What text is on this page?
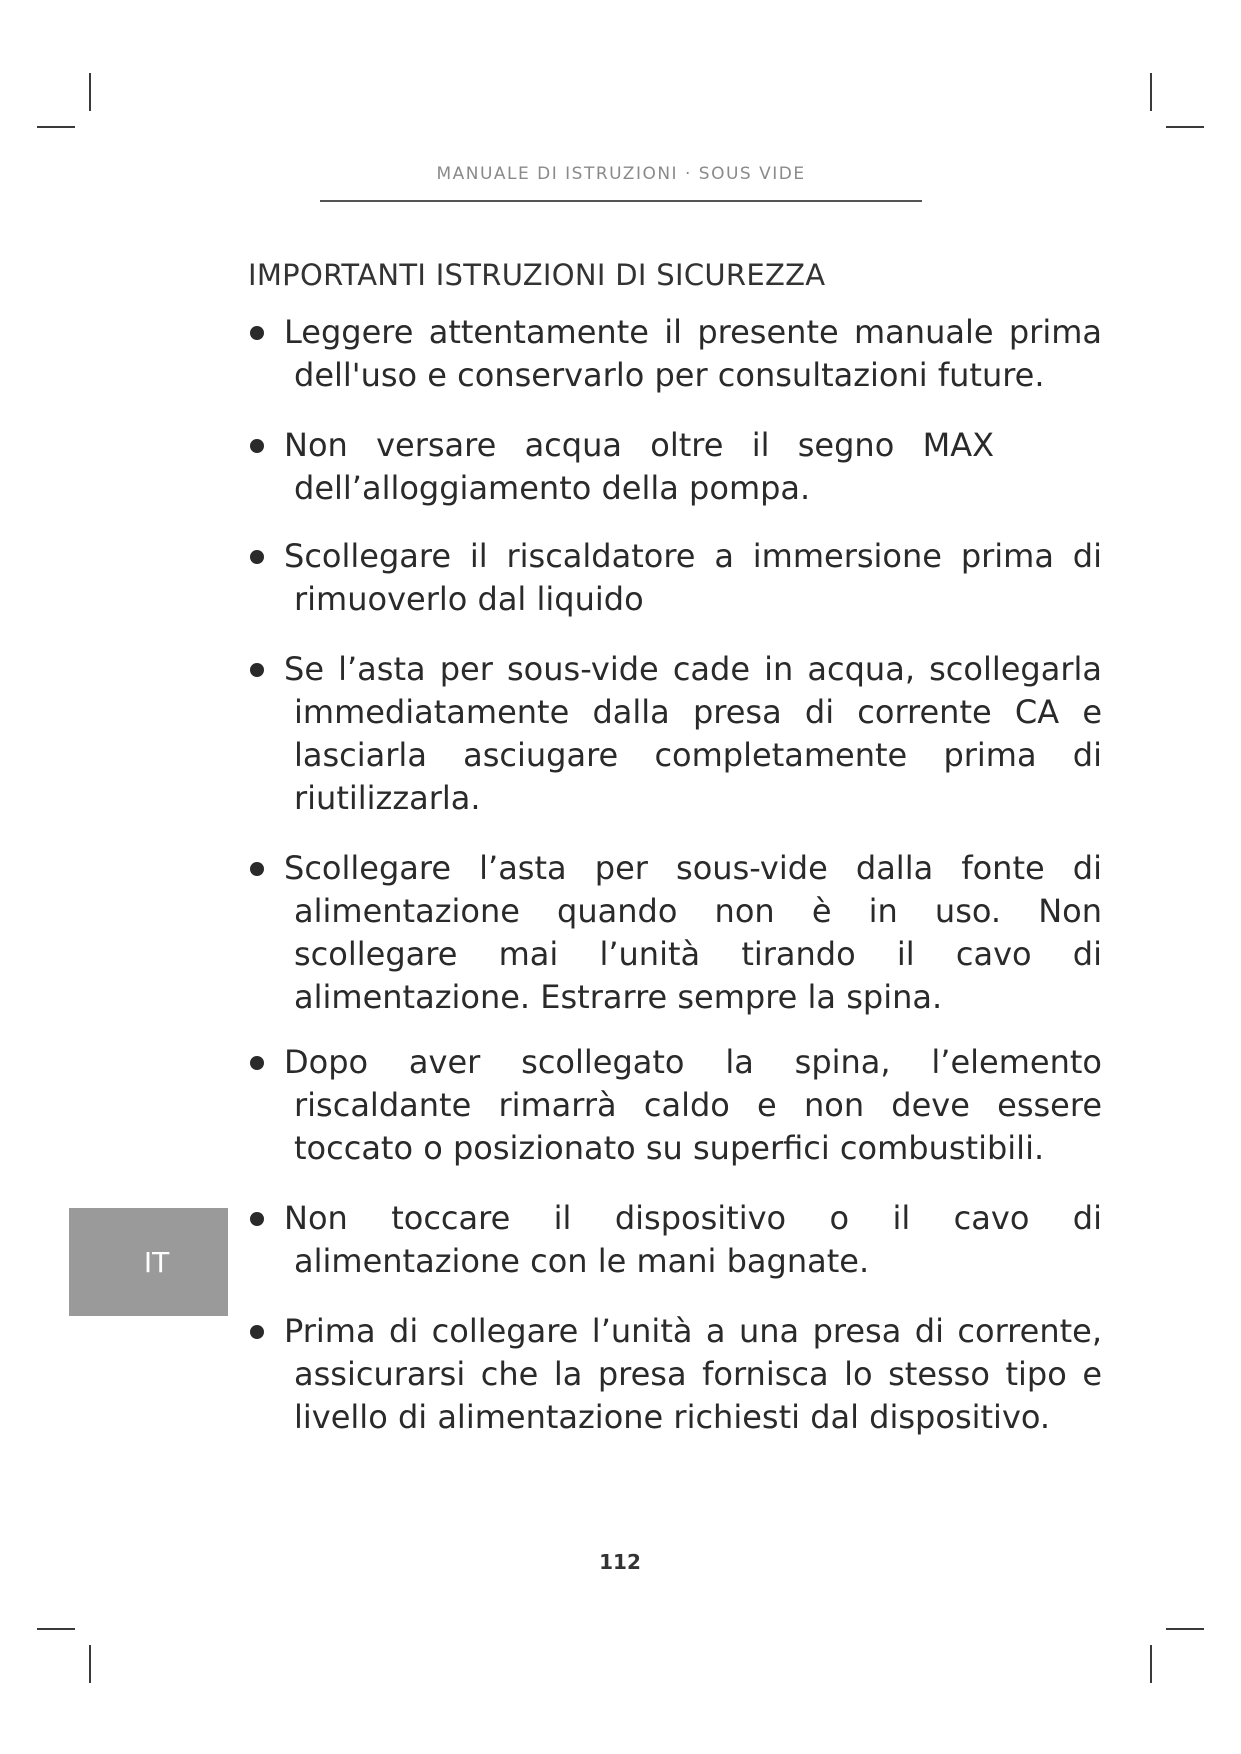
MANUALE DI ISTRUZIONI · SOUS VIDE
IMPORTANTI ISTRUZIONI DI SICUREZZA
Leggere attentamente il presente manuale prima dell'uso e conservarlo per consultazioni future.
Non versare acqua oltre il segno MAX dell’alloggiamento della pompa.
Scollegare il riscaldatore a immersione prima di rimuoverlo dal liquido
Se l’asta per sous-vide cade in acqua, scollegarla immediatamente dalla presa di corrente CA e lasciarla asciugare completamente prima di riutilizzarla.
Scollegare l’asta per sous-vide dalla fonte di alimentazione quando non è in uso. Non scollegare mai l’unità tirando il cavo di alimentazione. Estrarre sempre la spina.
Dopo aver scollegato la spina, l’elemento riscaldante rimarrà caldo e non deve essere toccato o posizionato su superfici combustibili.
Non toccare il dispositivo o il cavo di alimentazione con le mani bagnate.
Prima di collegare l’unità a una presa di corrente, assicurarsi che la presa fornisca lo stesso tipo e livello di alimentazione richiesti dal dispositivo.
IT
112
